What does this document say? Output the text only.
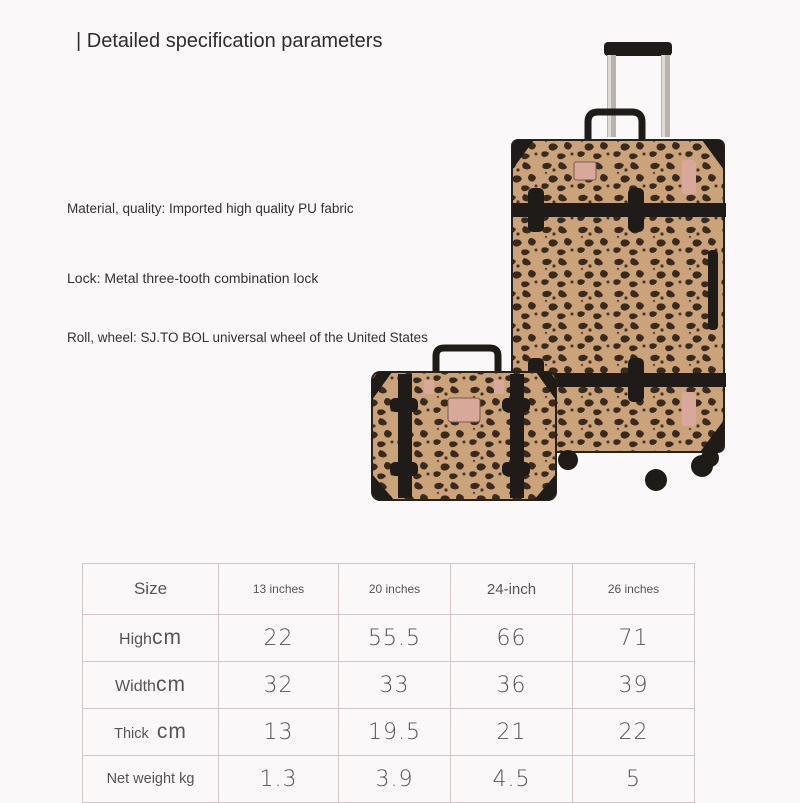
| Detailed specification parameters
Material, quality: Imported high quality PU fabric
Lock: Metal three-tooth combination lock
Roll, wheel: SJ.TO BOL universal wheel of the United States
Size	13 inches	20 inches	24-inch	26 inches
Highcm	22	55.5	66	71
Widthcm	32	33	36	39
Thick cm	13	19.5	21	22
Net weight kg	1.3	3.9	4.5	5
